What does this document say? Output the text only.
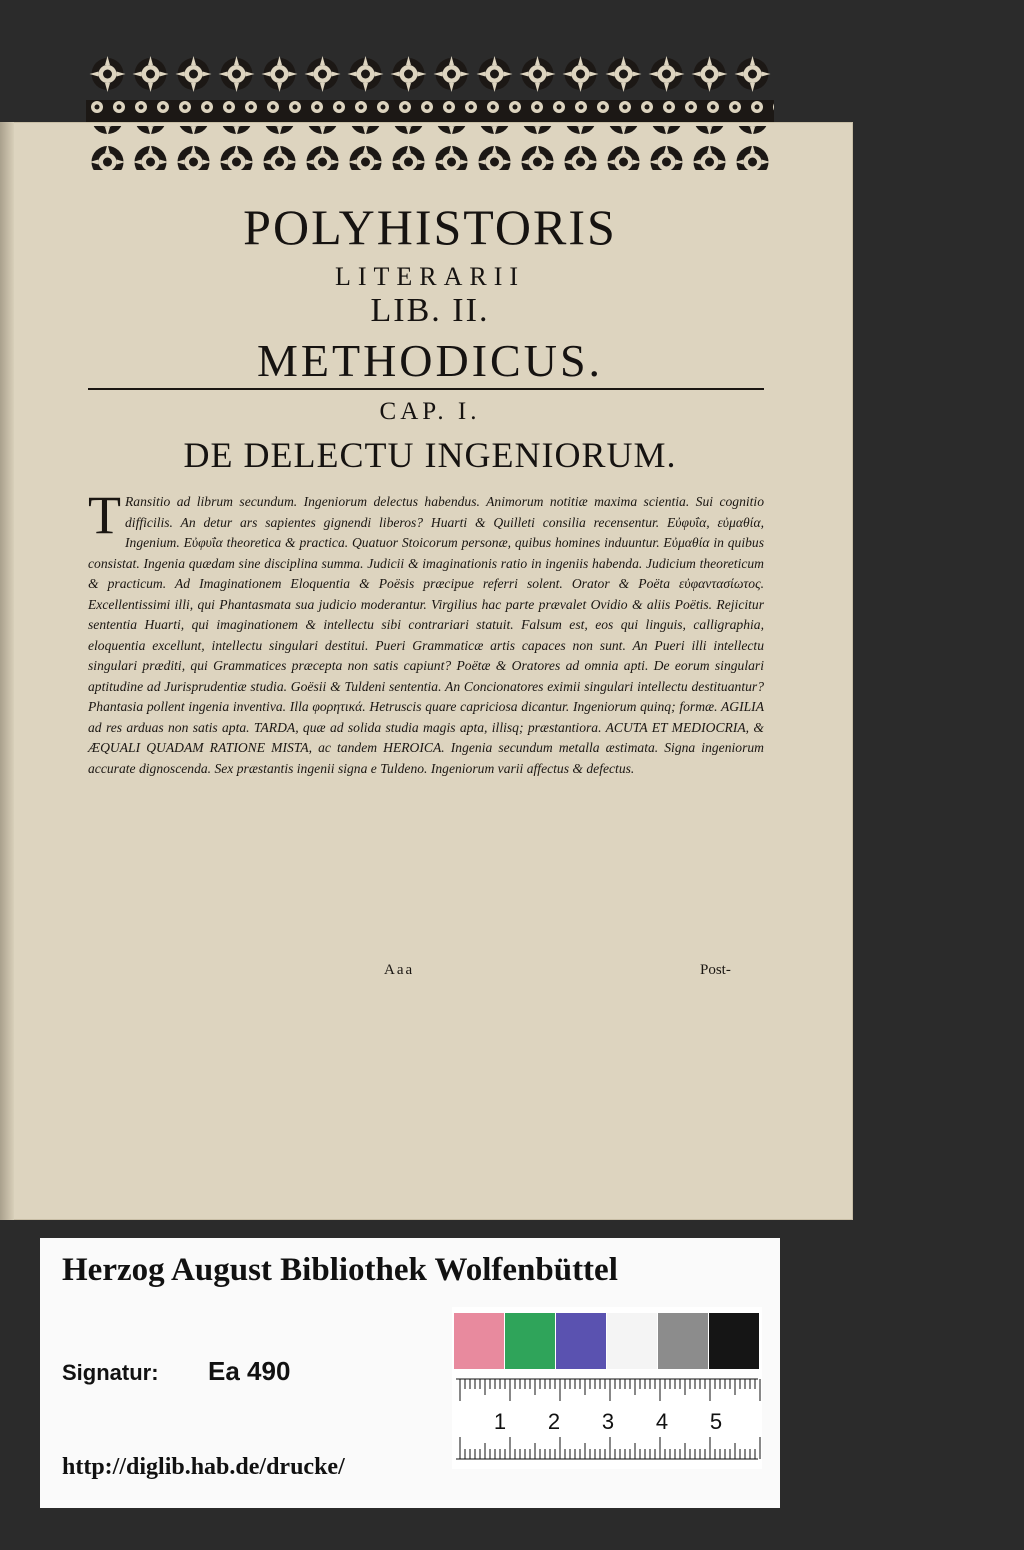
POLYHISTORIS
LITERARII
LIB. II.
METHODICUS.
CAP. I.
DE DELECTU INGENIORUM.

T Ransitio ad librum secundum. Ingeniorum delectus habendus. Animorum notitiæ maxima scientia. Sui cognitio difficilis. An detur ars sapientes gignendi liberos? Huarti & Quilleti consilia recensentur. Εὐφυΐα, εὐμαθία, Ingenium. Εὐφυΐα theoretica & practica. Quatuor Stoicorum personæ, quibus homines induuntur. Εὐμαθία in quibus consistat. Ingenia quædam sine disciplina summa. Judicii & imaginationis ratio in ingeniis habenda. Judicium theoreticum & practicum. Ad Imaginationem Eloquentia & Poësis præcipue referri solent. Orator & Poëta εὐφαντασίωτος. Excellentissimi illi, qui Phantasmata sua judicio moderantur. Virgilius hac parte prævalet Ovidio & aliis Poëtis. Rejicitur sententia Huarti, qui imaginationem & intellectu sibi contrariari statuit. Falsum est, eos qui linguis, calligraphia, eloquentia excellunt, intellectu singulari destitui. Pueri Grammaticæ artis capaces non sunt. An Pueri illi intellectu singulari præditi, qui Grammatices præcepta non satis capiunt? Poëtæ & Oratores ad omnia apti. De eorum singulari aptitudine ad Jurisprudentiæ studia. Goësii & Tuldeni sententia. An Concionatores eximii singulari intellectu destituantur? Phantasia pollent ingenia inventiva. Illa φορητικά. Hetruscis quare capriciosa dicantur. Ingeniorum quinq; formæ. AGILIA ad res arduas non satis apta. TARDA, quæ ad solida studia magis apta, illisq; præstantiora. ACUTA ET MEDIOCRIA, & ÆQUALI QUADAM RATIONE MISTA, ac tandem HEROICA. Ingenia secundum metalla æstimata. Signa ingeniorum accurate dignoscenda. Sex præstantis ingenii signa e Tuldeno. Ingeniorum varii affectus & defectus.

Aaa	Post-
Herzog August Bibliothek Wolfenbüttel
Signatur: Ea 490
http://diglib.hab.de/drucke/
1 2 3 4 5
